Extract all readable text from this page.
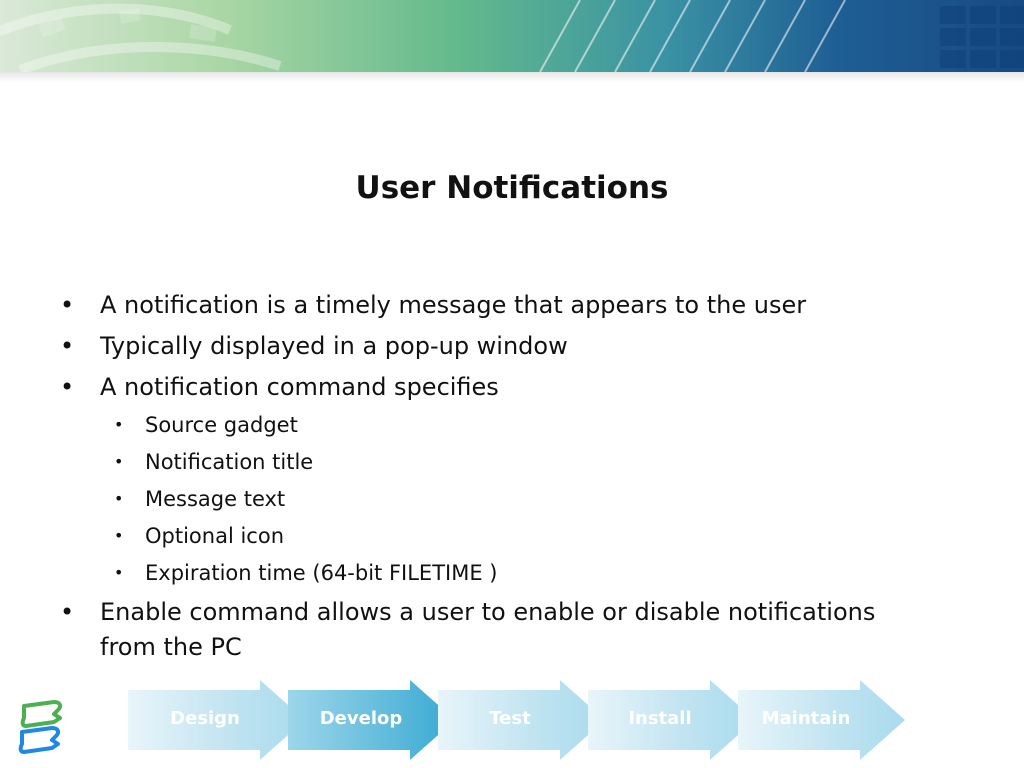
User Notifications
• A notification is a timely message that appears to the user
• Typically displayed in a pop-up window
• A notification command specifies
• Source gadget
• Notification title
• Message text
• Optional icon
• Expiration time (64-bit FILETIME )
• Enable command allows a user to enable or disable notifications
from the PC
Design	Develop	Test	Install	Maintain
